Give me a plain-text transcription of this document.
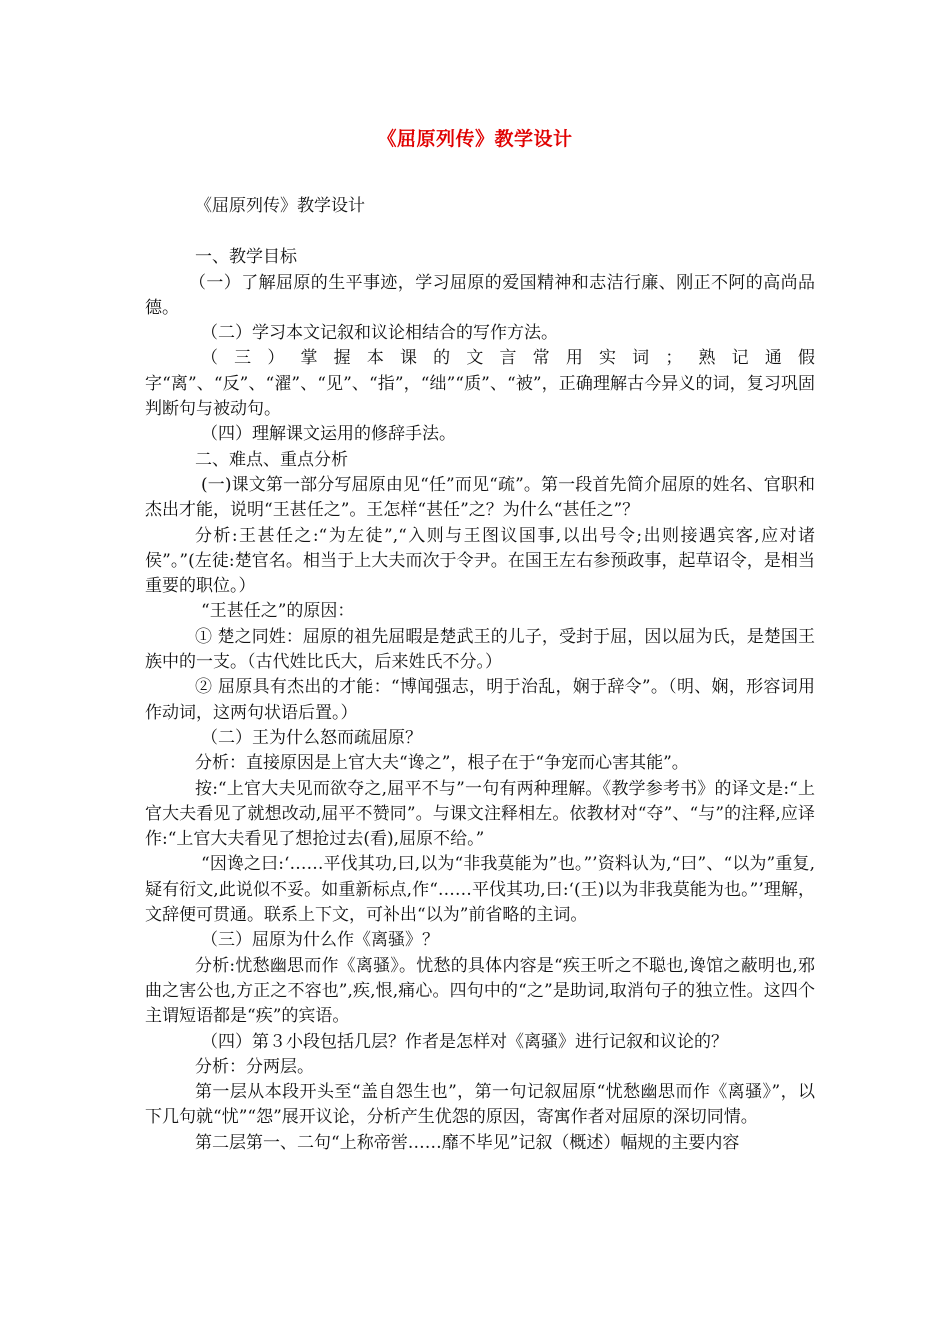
《屈原列传》教学设计

《屈原列传》教学设计

一、教学目标

（一）了解屈原的生平事迹，学习屈原的爱国精神和志洁行廉、刚正不阿的高尚品德。

（二）学习本文记叙和议论相结合的写作方法。

（三）掌握本课的文言常用实词；熟记通假字“离”、“反”、“濯”、“见”、“指”，“绌”“质”、“被”，正确理解古今异义的词，复习巩固判断句与被动句。

（四）理解课文运用的修辞手法。

二、难点、重点分析

(一)课文第一部分写屈原由见“任”而见“疏”。第一段首先简介屈原的姓名、官职和杰出才能，说明“王甚任之”。王怎样“甚任”之？为什么“甚任之”？

分析:王甚任之:“为左徒”,“入则与王图议国事,以出号令;出则接遇宾客,应对诸侯”。”(左徒:楚官名。相当于上大夫而次于令尹。在国王左右参预政事，起草诏令，是相当重要的职位。）

“王甚任之”的原因：

① 楚之同姓：屈原的祖先屈暇是楚武王的儿子，受封于屈，因以屈为氏，是楚国王族中的一支。（古代姓比氏大，后来姓氏不分。）

② 屈原具有杰出的才能：“博闻强志，明于治乱，娴于辞令”。（明、娴，形容词用作动词，这两句状语后置。）

（二）王为什么怒而疏屈原？

分析：直接原因是上官大夫“谗之”，根子在于“争宠而心害其能”。

按:“上官大夫见而欲夺之,屈平不与”一句有两种理解。《教学参考书》的译文是:“上官大夫看见了就想改动,屈平不赞同”。与课文注释相左。依教材对“夺”、“与”的注释,应译作:“上官大夫看见了想抢过去(看),屈原不给。”

“因谗之曰:‘……平伐其功,曰,以为“非我莫能为”也。”’资料认为,“曰”、“以为”重复,疑有衍文,此说似不妥。如重新标点,作“……平伐其功,曰:‘(王)以为非我莫能为也。”’理解，文辞便可贯通。联系上下文，可补出“以为”前省略的主词。

（三）屈原为什么作《离骚》？

分析:忧愁幽思而作《离骚》。忧愁的具体内容是“疾王听之不聪也,谗馆之蔽明也,邪曲之害公也,方正之不容也”,疾,恨,痛心。四句中的“之”是助词,取消句子的独立性。这四个主谓短语都是“疾”的宾语。

（四）第３小段包括几层？作者是怎样对《离骚》进行记叙和议论的？

分析：分两层。

第一层从本段开头至“盖自怨生也”，第一句记叙屈原“忧愁幽思而作《离骚》”，以下几句就“忧”“怨”展开议论，分析产生优怨的原因，寄寓作者对屈原的深切同情。

第二层第一、二句“上称帝喾……靡不毕见”记叙（概述）幅规的主要内容
